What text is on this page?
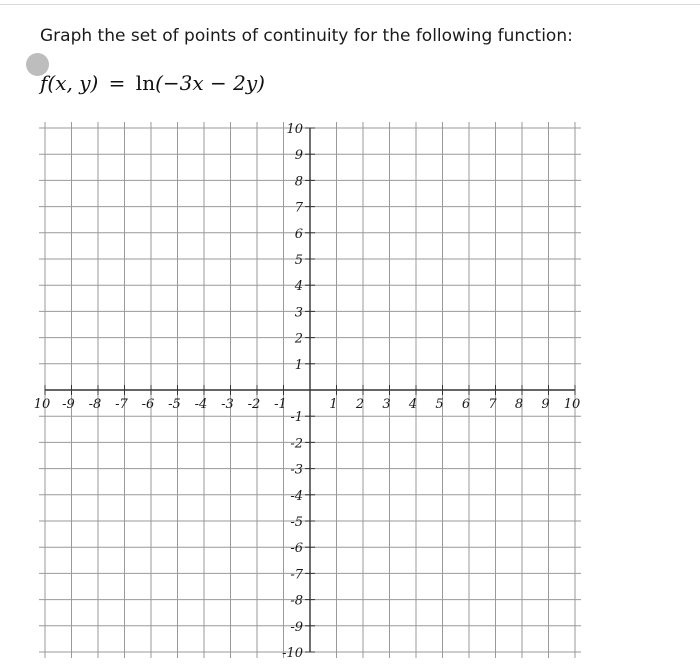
Graph the set of points of continuity for the following function:
f(x, y) = ln(−3x − 2y)
10 -9 -8 -7 -6 -5 -4 -3 -2 -1	1 2 3 4 5 6 7 8 9 10
10
9
8
7
6
5
4
3
2
1
-1
-2
-3
-4
-5
-6
-7
-8
-9
-10
